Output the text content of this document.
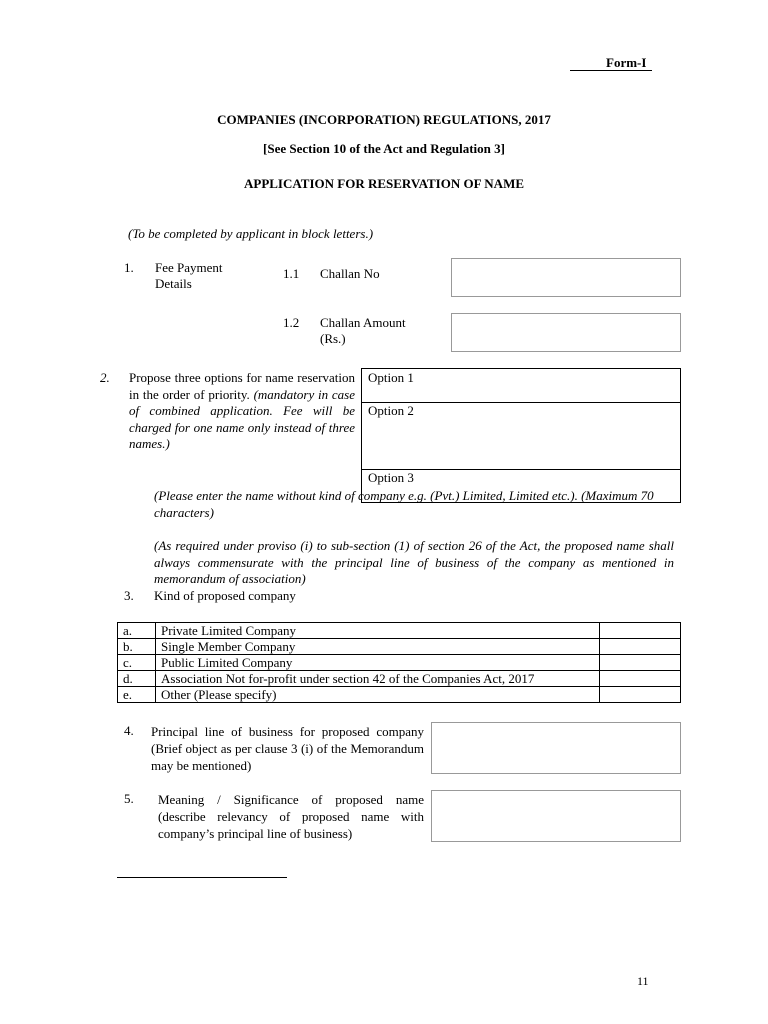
Form-I
COMPANIES (INCORPORATION) REGULATIONS, 2017
[See Section 10 of the Act and Regulation 3]
APPLICATION FOR RESERVATION OF NAME
(To be completed by applicant in block letters.)
1. Fee Payment Details
1.1 Challan No
1.2 Challan Amount (Rs.)
2. Propose three options for name reservation in the order of priority. (mandatory in case of combined application. Fee will be charged for one name only instead of three names.)
Option 1
Option 2
Option 3
(Please enter the name without kind of company e.g. (Pvt.) Limited, Limited etc.). (Maximum 70 characters)
(As required under proviso (i) to sub-section (1) of section 26 of the Act, the proposed name shall always commensurate with the principal line of business of the company as mentioned in memorandum of association)
3. Kind of proposed company
a.	Private Limited Company	
b.	Single Member Company	
c.	Public Limited Company	
d.	Association Not for-profit under section 42 of the Companies Act, 2017	
e.	Other (Please specify)	
4. Principal line of business for proposed company (Brief object as per clause 3 (i) of the Memorandum may be mentioned)
5. Meaning / Significance of proposed name (describe relevancy of proposed name with company’s principal line of business)
11
